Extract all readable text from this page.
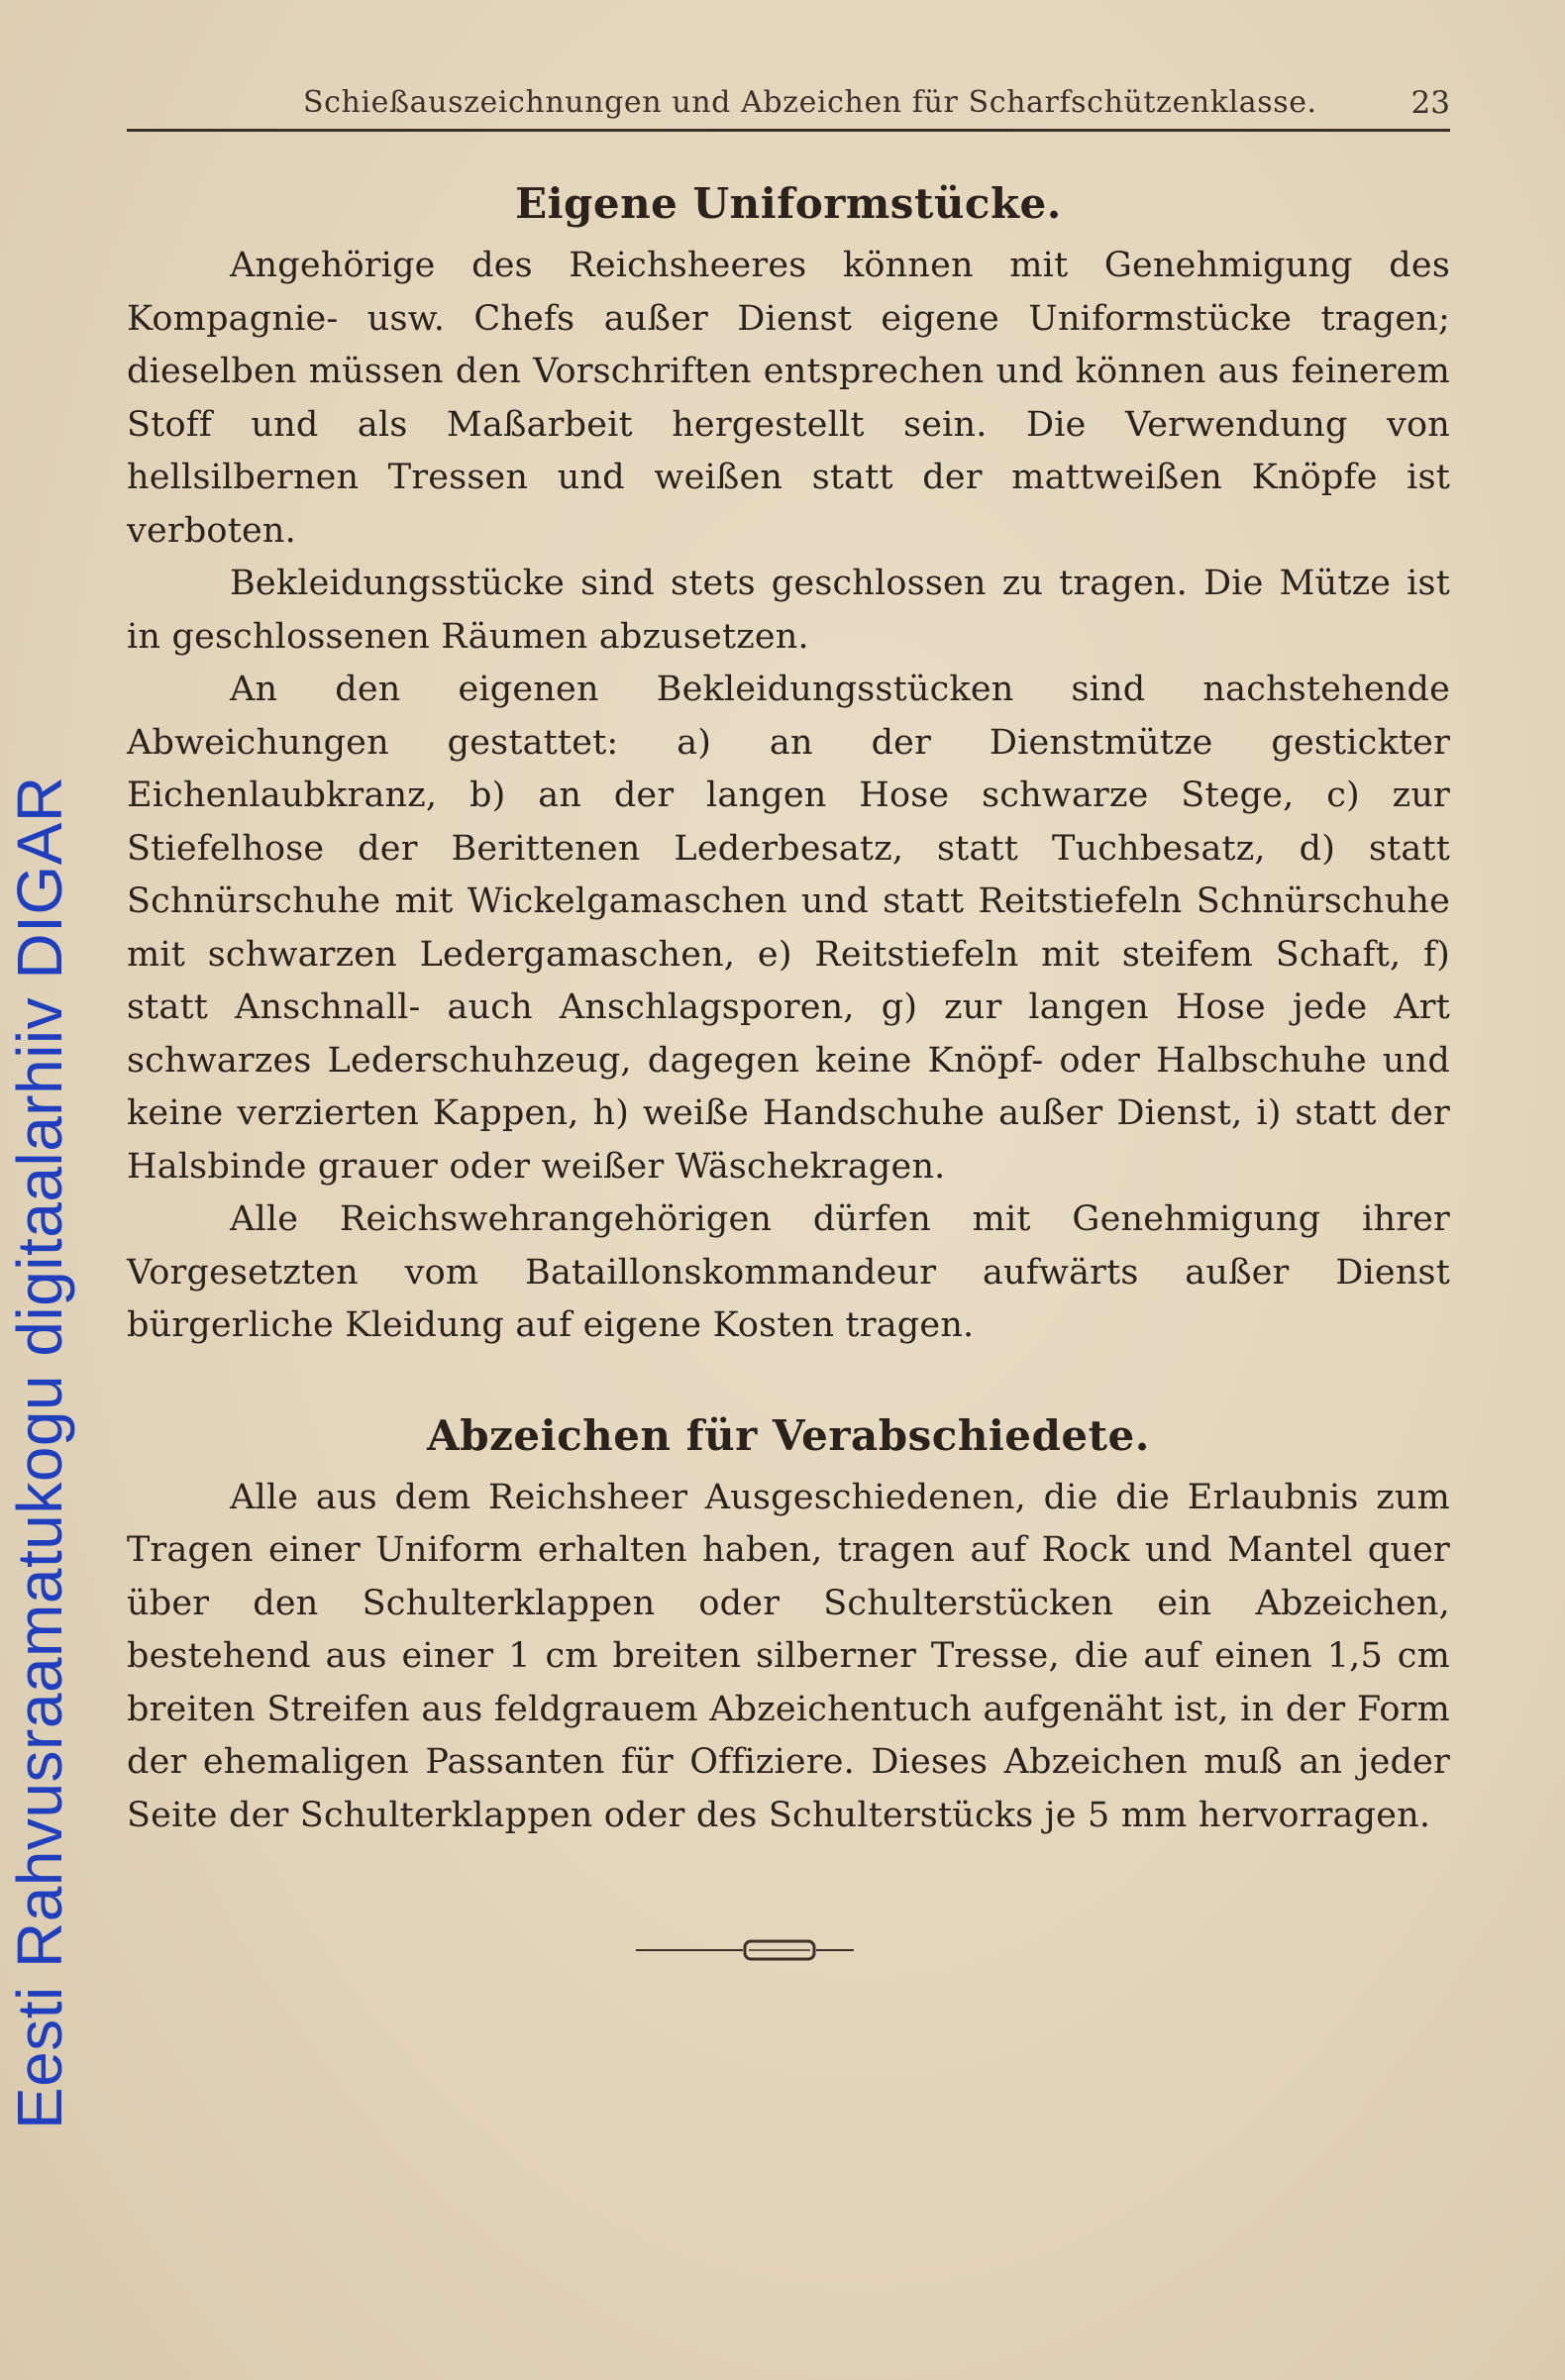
Eesti Rahvusraamatukogu digitaalarhiiv DIGAR
Schießauszeichnungen und Abzeichen für Scharfschützenklasse.	23
Eigene Uniformstücke.

Angehörige des Reichsheeres können mit Genehmigung des Kompagnie- usw. Chefs außer Dienst eigene Uniformstücke tragen; dieselben müssen den Vorschriften entsprechen und können aus feinerem Stoff und als Maßarbeit hergestellt sein. Die Verwendung von hellsilbernen Tressen und weißen statt der mattweißen Knöpfe ist verboten.

Bekleidungsstücke sind stets geschlossen zu tragen. Die Mütze ist in geschlossenen Räumen abzusetzen.

An den eigenen Bekleidungsstücken sind nachstehende Abweichungen gestattet: a) an der Dienstmütze gestickter Eichenlaubkranz, b) an der langen Hose schwarze Stege, c) zur Stiefelhose der Berittenen Lederbesatz, statt Tuchbesatz, d) statt Schnürschuhe mit Wickelgamaschen und statt Reitstiefeln Schnürschuhe mit schwarzen Ledergamaschen, e) Reitstiefeln mit steifem Schaft, f) statt Anschnall- auch Anschlagsporen, g) zur langen Hose jede Art schwarzes Lederschuhzeug, dagegen keine Knöpf- oder Halbschuhe und keine verzierten Kappen, h) weiße Handschuhe außer Dienst, i) statt der Halsbinde grauer oder weißer Wäschekragen.

Alle Reichswehrangehörigen dürfen mit Genehmigung ihrer Vorgesetzten vom Bataillonskommandeur aufwärts außer Dienst bürgerliche Kleidung auf eigene Kosten tragen.

Abzeichen für Verabschiedete.

Alle aus dem Reichsheer Ausgeschiedenen, die die Erlaubnis zum Tragen einer Uniform erhalten haben, tragen auf Rock und Mantel quer über den Schulterklappen oder Schulterstücken ein Abzeichen, bestehend aus einer 1 cm breiten silberner Tresse, die auf einen 1,5 cm breiten Streifen aus feldgrauem Abzeichentuch aufgenäht ist, in der Form der ehemaligen Passanten für Offiziere. Dieses Abzeichen muß an jeder Seite der Schulterklappen oder des Schulterstücks je 5 mm hervorragen.
